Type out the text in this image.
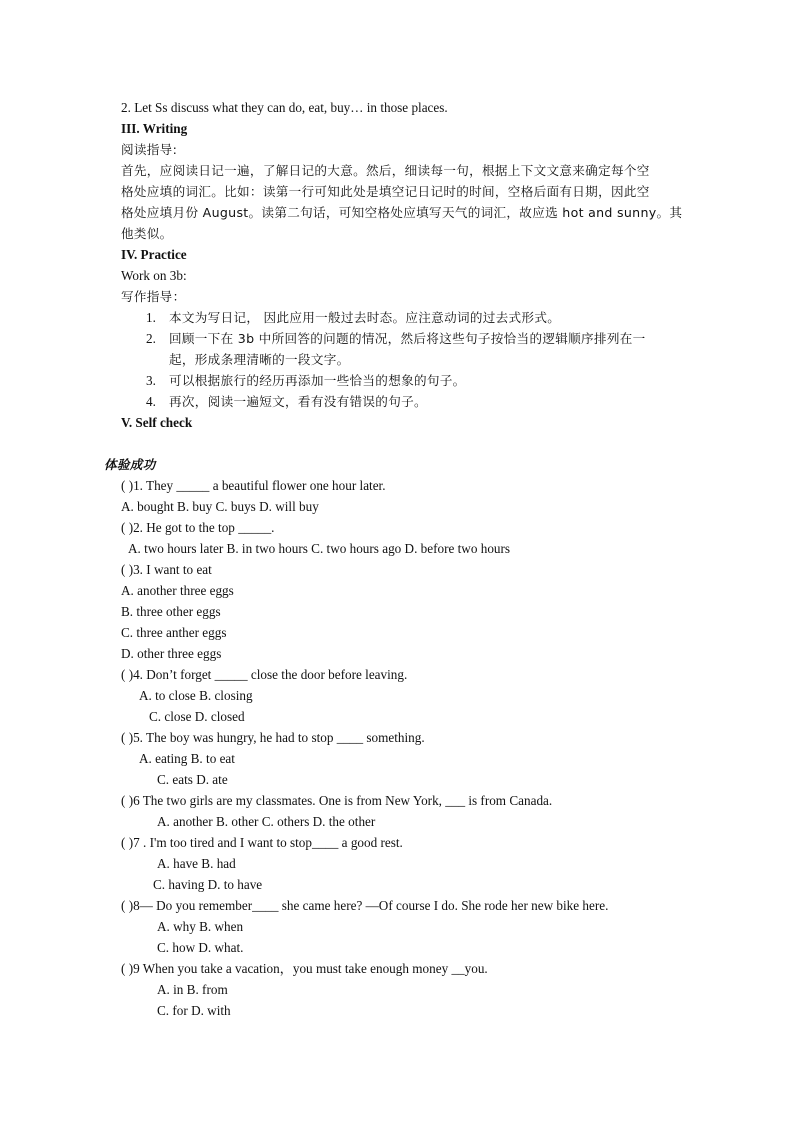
2. Let Ss discuss what they can do, eat, buy… in those places.
III. Writing
阅读指导:
首先，应阅读日记一遍，了解日记的大意。然后，细读每一句，根据上下文文意来确定每个空
格处应填的词汇。比如：读第一行可知此处是填空记日记时的时间，空格后面有日期，因此空
格处应填月份 August。读第二句话，可知空格处应填写天气的词汇，故应选 hot and sunny。其
他类似。
IV. Practice
Work on 3b:
写作指导：
1. 本文为写日记， 因此应用一般过去时态。应注意动词的过去式形式。
2. 回顾一下在 3b 中所回答的问题的情况，然后将这些句子按恰当的逻辑顺序排列在一
起，形成条理清晰的一段文字。
3. 可以根据旅行的经历再添加一些恰当的想象的句子。
4. 再次，阅读一遍短文，看有没有错误的句子。
V. Self check
体验成功
( )1. They _____ a beautiful flower one hour later.
A. bought B. buy C. buys D. will buy
( )2. He got to the top _____.
A. two hours later B. in two hours C. two hours ago D. before two hours
( )3. I want to eat
A. another three eggs
B. three other eggs
C. three anther eggs
D. other three eggs
( )4. Don’t forget _____ close the door before leaving.
A. to close B. closing
C. close D. closed
( )5. The boy was hungry, he had to stop ____ something.
A. eating B. to eat
C. eats D. ate
( )6 The two girls are my classmates. One is from New York, ___ is from Canada.
A. another B. other C. others D. the other
( )7 . I'm too tired and I want to stop____ a good rest.
A. have B. had
C. having D. to have
( )8— Do you remember____ she came here? —Of course I do. She rode her new bike here.
A. why B. when
C. how D. what.
( )9 When you take a vacation，you must take enough money __you.
A. in B. from
C. for D. with
